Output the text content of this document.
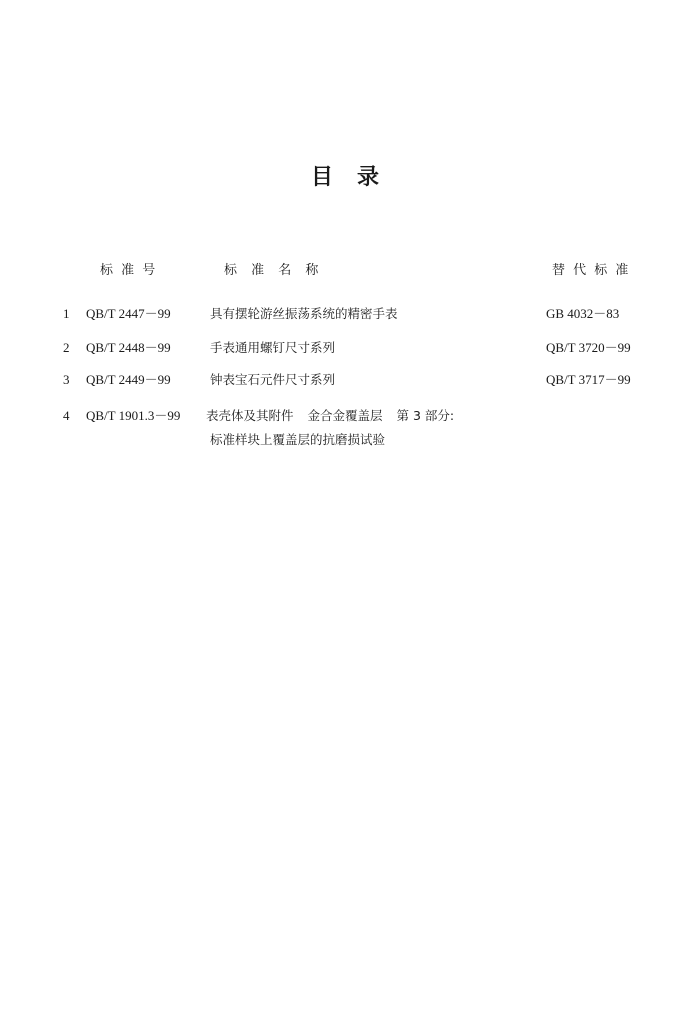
目　录
标 准 号	标 准 名 称	替 代 标 准
1 QB/T 2447－99	具有摆轮游丝振荡系统的精密手表	GB 4032－83
2 QB/T 2448－99	手表通用螺钉尺寸系列	QB/T 3720－99
3 QB/T 2449－99	钟表宝石元件尺寸系列	QB/T 3717－99
4 QB/T 1901.3－99 表壳体及其附件 金合金覆盖层 第 3 部分:
标准样块上覆盖层的抗磨损试验
